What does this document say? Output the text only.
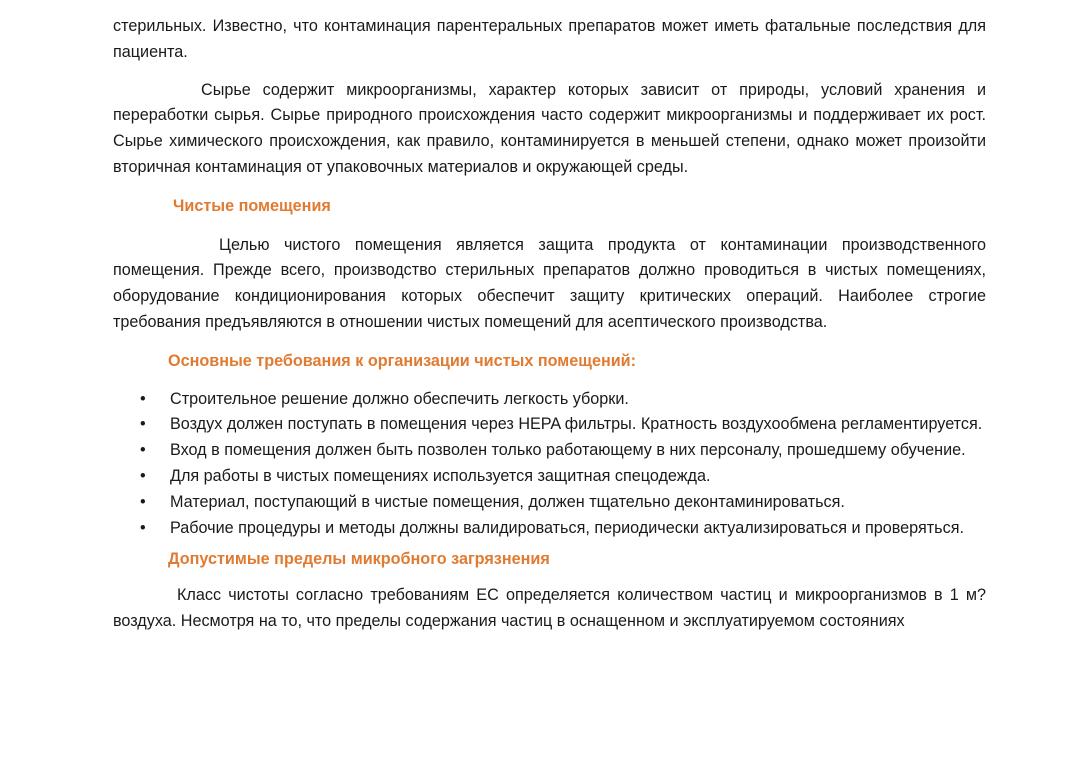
стерильных. Известно, что контаминация парентеральных препаратов может иметь фатальные последствия для пациента.

Сырье содержит микроорганизмы, характер которых зависит от природы, условий хранения и переработки сырья. Сырье природного происхождения часто содержит микроорганизмы и поддерживает их рост. Сырье химического происхождения, как правило, контаминируется в меньшей степени, однако может произойти вторичная контаминация от упаковочных материалов и окружающей среды.

Чистые помещения

Целью чистого помещения является защита продукта от контаминации производственного помещения. Прежде всего, производство стерильных препаратов должно проводиться в чистых помещениях, оборудование кондиционирования которых обеспечит защиту критических операций. Наиболее строгие требования предъявляются в отношении чистых помещений для асептического производства.

Основные требования к организации чистых помещений:
• Строительное решение должно обеспечить легкость уборки.
• Воздух должен поступать в помещения через HEPA фильтры. Кратность воздухообмена регламентируется.
• Вход в помещения должен быть позволен только работающему в них персоналу, прошедшему обучение.
• Для работы в чистых помещениях используется защитная спецодежда.
• Материал, поступающий в чистые помещения, должен тщательно деконтаминироваться.
• Рабочие процедуры и методы должны валидироваться, периодически актуализироваться и проверяться.
Допустимые пределы микробного загрязнения

Класс чистоты согласно требованиям ЕС определяется количеством частиц и микроорганизмов в 1 м? воздуха. Несмотря на то, что пределы содержания частиц в оснащенном и эксплуатируемом состояниях
